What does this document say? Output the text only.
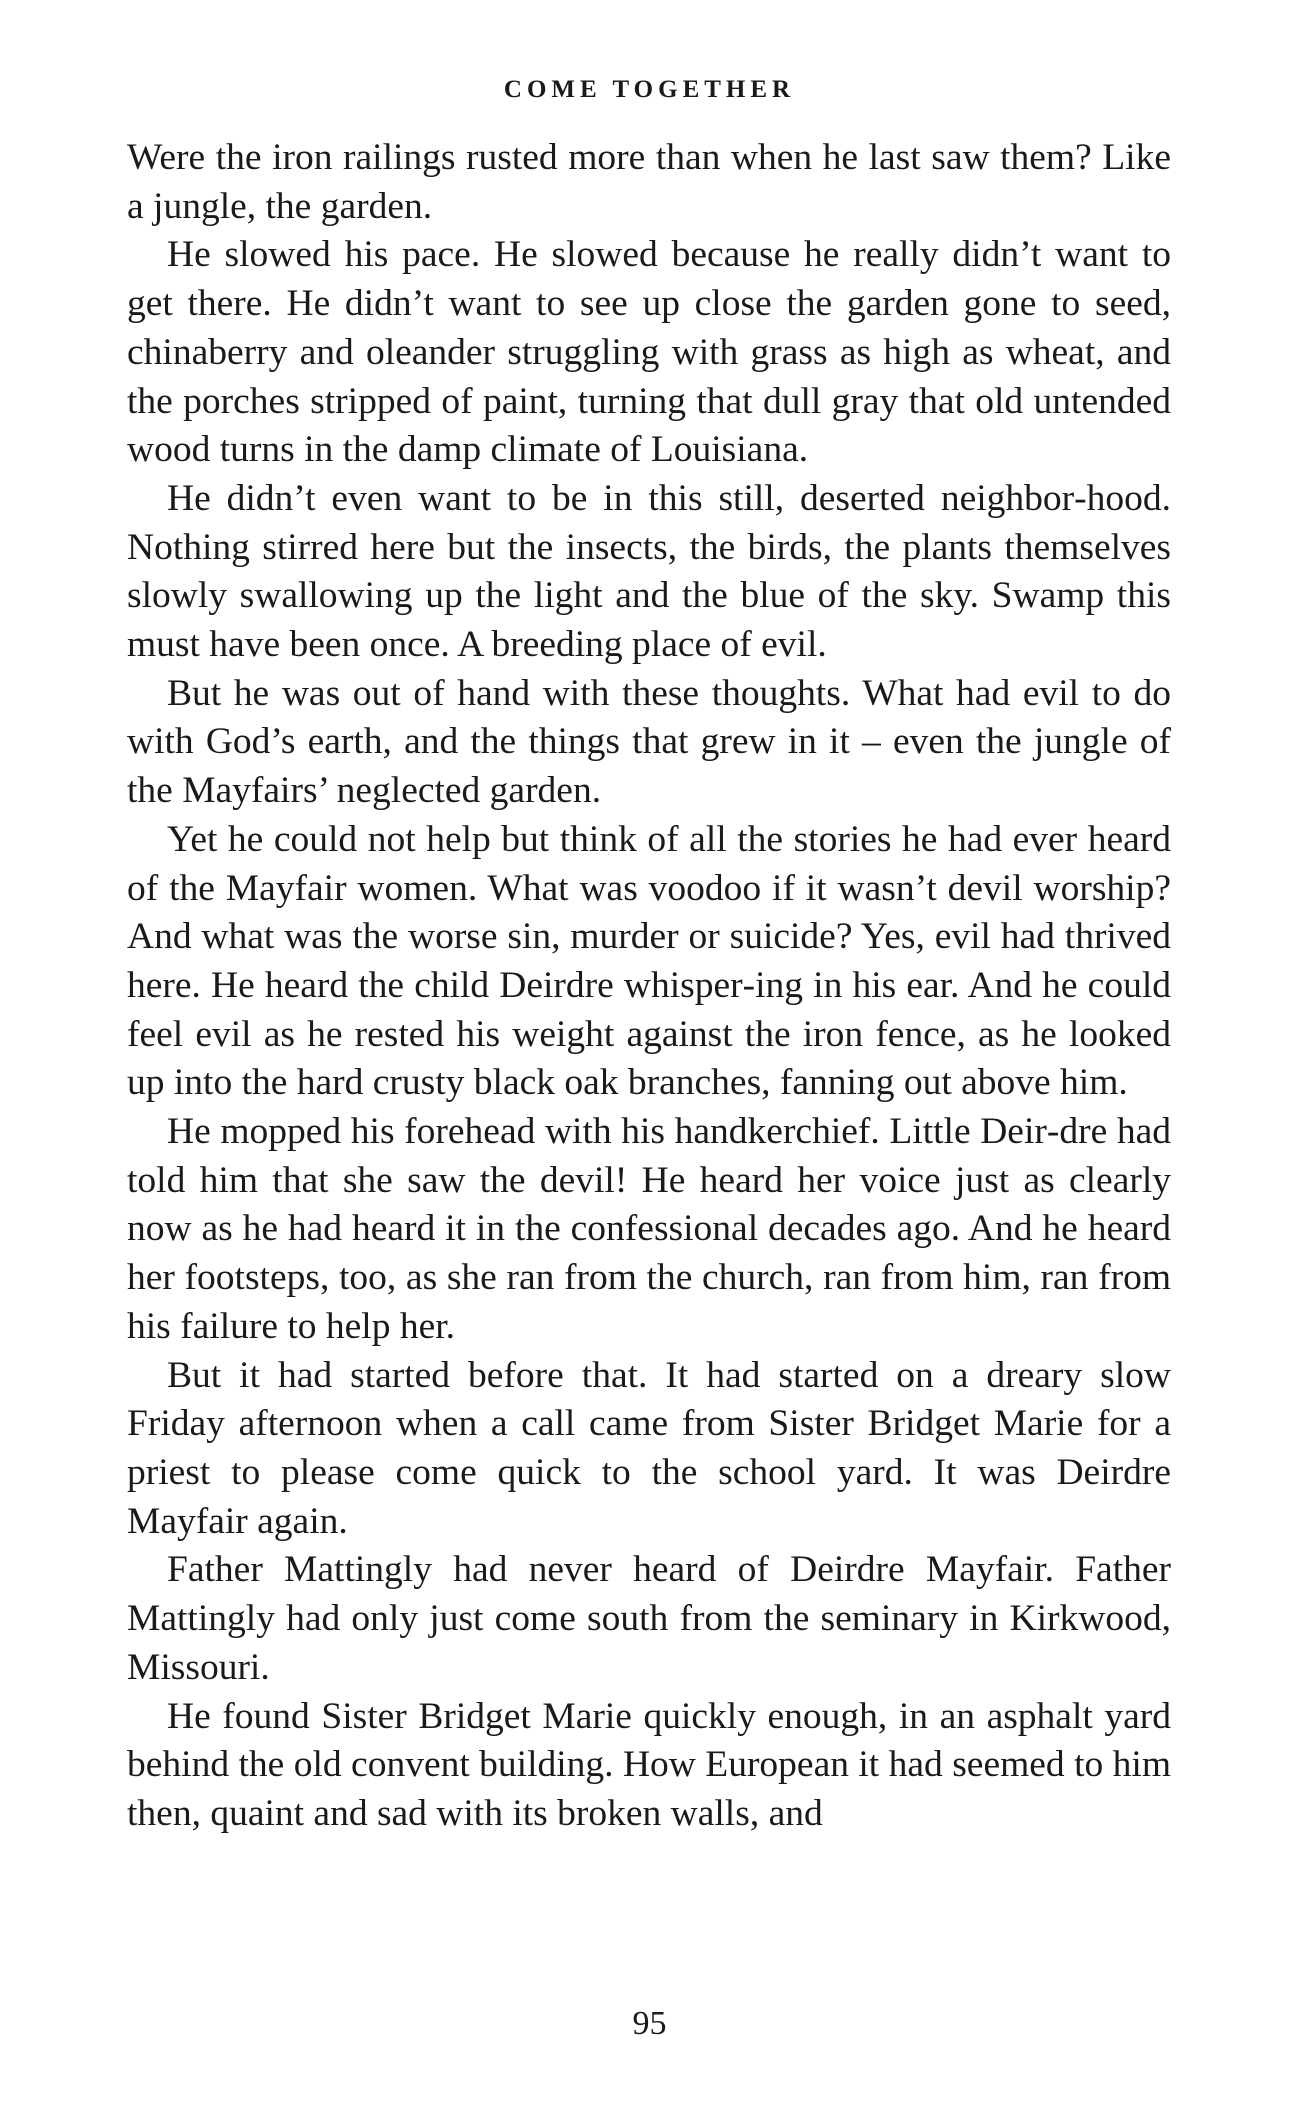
COME TOGETHER

Were the iron railings rusted more than when he last saw them? Like a jungle, the garden.

He slowed his pace. He slowed because he really didn’t want to get there. He didn’t want to see up close the garden gone to seed, chinaberry and oleander struggling with grass as high as wheat, and the porches stripped of paint, turning that dull gray that old untended wood turns in the damp climate of Louisiana.

He didn’t even want to be in this still, deserted neighbor‐hood. Nothing stirred here but the insects, the birds, the plants themselves slowly swallowing up the light and the blue of the sky. Swamp this must have been once. A breeding place of evil.

But he was out of hand with these thoughts. What had evil to do with God’s earth, and the things that grew in it – even the jungle of the Mayfairs’ neglected garden.

Yet he could not help but think of all the stories he had ever heard of the Mayfair women. What was voodoo if it wasn’t devil worship? And what was the worse sin, murder or suicide? Yes, evil had thrived here. He heard the child Deirdre whisper‐ing in his ear. And he could feel evil as he rested his weight against the iron fence, as he looked up into the hard crusty black oak branches, fanning out above him.

He mopped his forehead with his handkerchief. Little Deir‐dre had told him that she saw the devil! He heard her voice just as clearly now as he had heard it in the confessional decades ago. And he heard her footsteps, too, as she ran from the church, ran from him, ran from his failure to help her.

But it had started before that. It had started on a dreary slow Friday afternoon when a call came from Sister Bridget Marie for a priest to please come quick to the school yard. It was Deirdre Mayfair again.

Father Mattingly had never heard of Deirdre Mayfair. Father Mattingly had only just come south from the seminary in Kirkwood, Missouri.

He found Sister Bridget Marie quickly enough, in an asphalt yard behind the old convent building. How European it had seemed to him then, quaint and sad with its broken walls, and

95
